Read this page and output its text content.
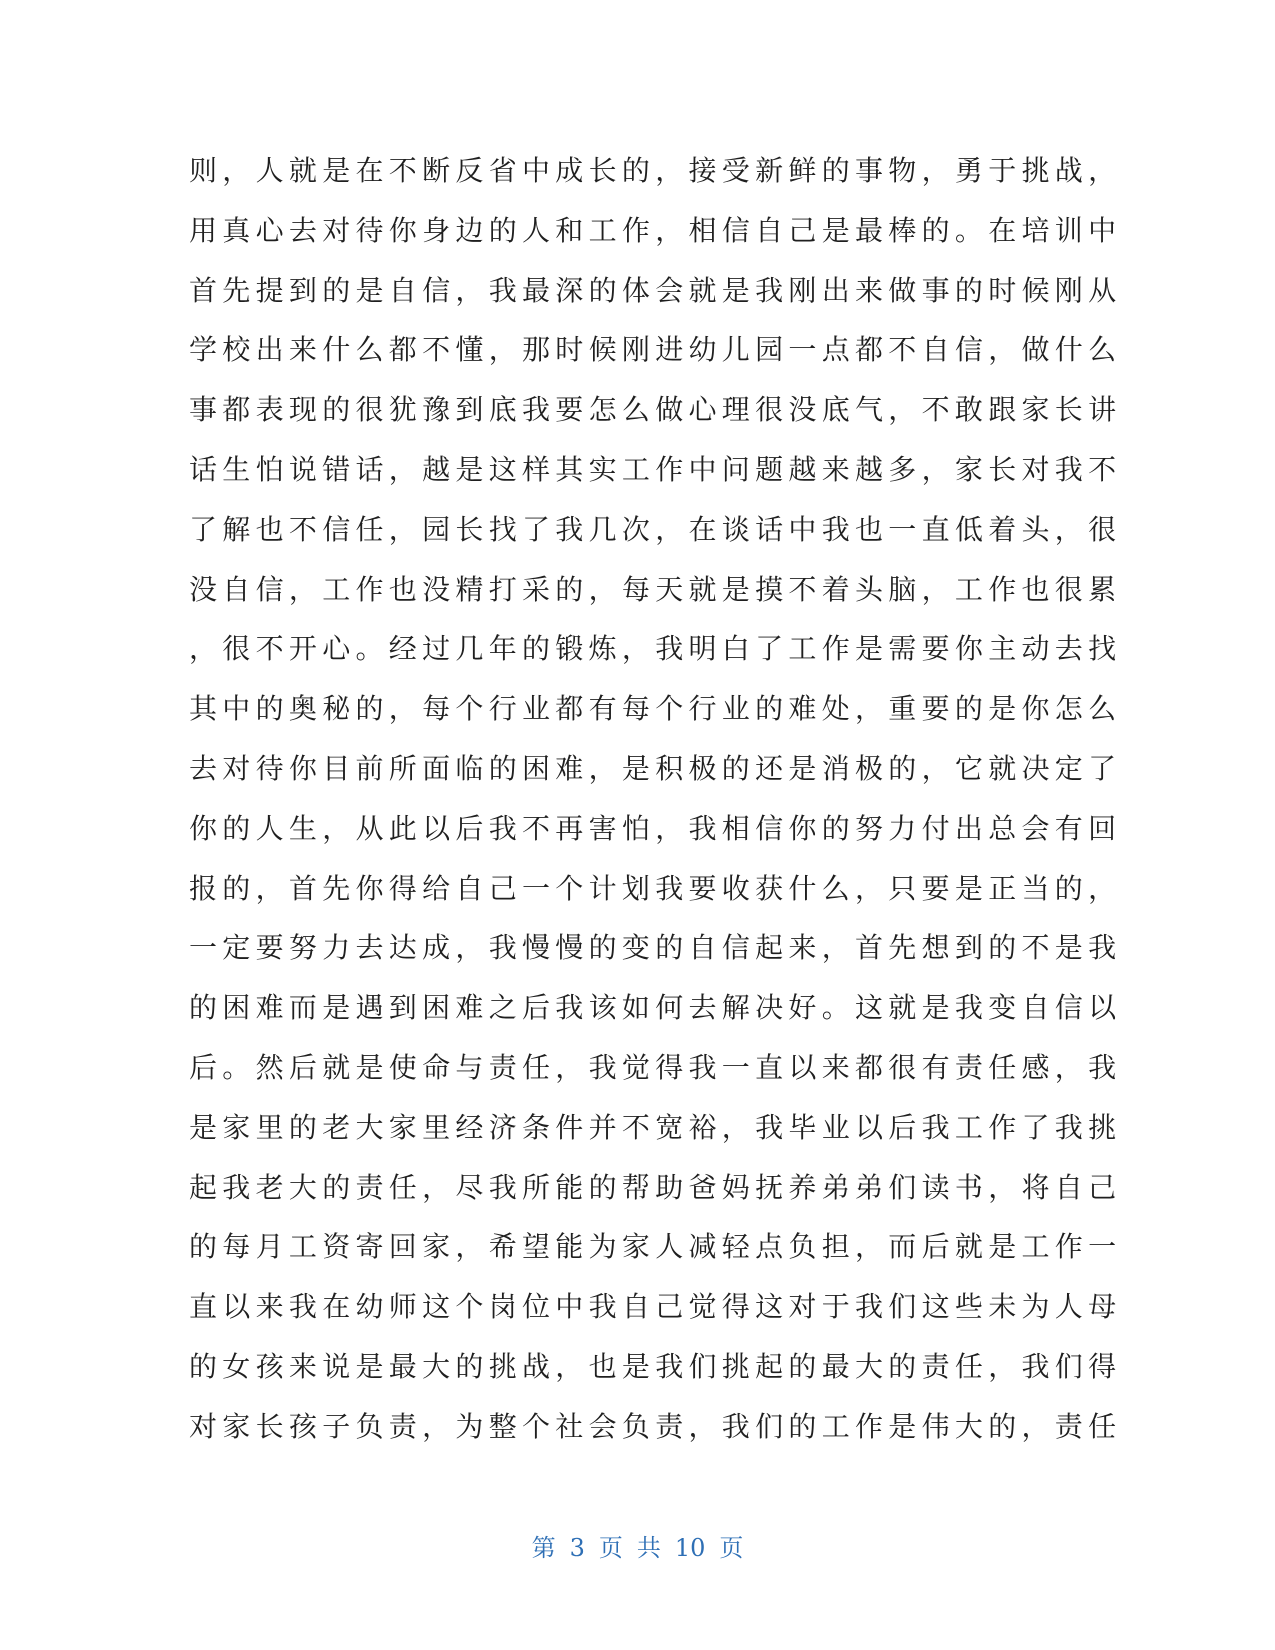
则，人就是在不断反省中成长的，接受新鲜的事物，勇于挑战，
用真心去对待你身边的人和工作，相信自己是最棒的。在培训中
首先提到的是自信，我最深的体会就是我刚出来做事的时候刚从
学校出来什么都不懂，那时候刚进幼儿园一点都不自信，做什么
事都表现的很犹豫到底我要怎么做心理很没底气，不敢跟家长讲
话生怕说错话，越是这样其实工作中问题越来越多，家长对我不
了解也不信任，园长找了我几次，在谈话中我也一直低着头，很
没自信，工作也没精打采的，每天就是摸不着头脑，工作也很累
，很不开心。经过几年的锻炼，我明白了工作是需要你主动去找
其中的奥秘的，每个行业都有每个行业的难处，重要的是你怎么
去对待你目前所面临的困难，是积极的还是消极的，它就决定了
你的人生，从此以后我不再害怕，我相信你的努力付出总会有回
报的，首先你得给自己一个计划我要收获什么，只要是正当的，
一定要努力去达成，我慢慢的变的自信起来，首先想到的不是我
的困难而是遇到困难之后我该如何去解决好。这就是我变自信以
后。然后就是使命与责任，我觉得我一直以来都很有责任感，我
是家里的老大家里经济条件并不宽裕，我毕业以后我工作了我挑
起我老大的责任，尽我所能的帮助爸妈抚养弟弟们读书，将自己
的每月工资寄回家，希望能为家人减轻点负担，而后就是工作一
直以来我在幼师这个岗位中我自己觉得这对于我们这些未为人母
的女孩来说是最大的挑战，也是我们挑起的最大的责任，我们得
对家长孩子负责，为整个社会负责，我们的工作是伟大的，责任
第 3 页 共 10 页
